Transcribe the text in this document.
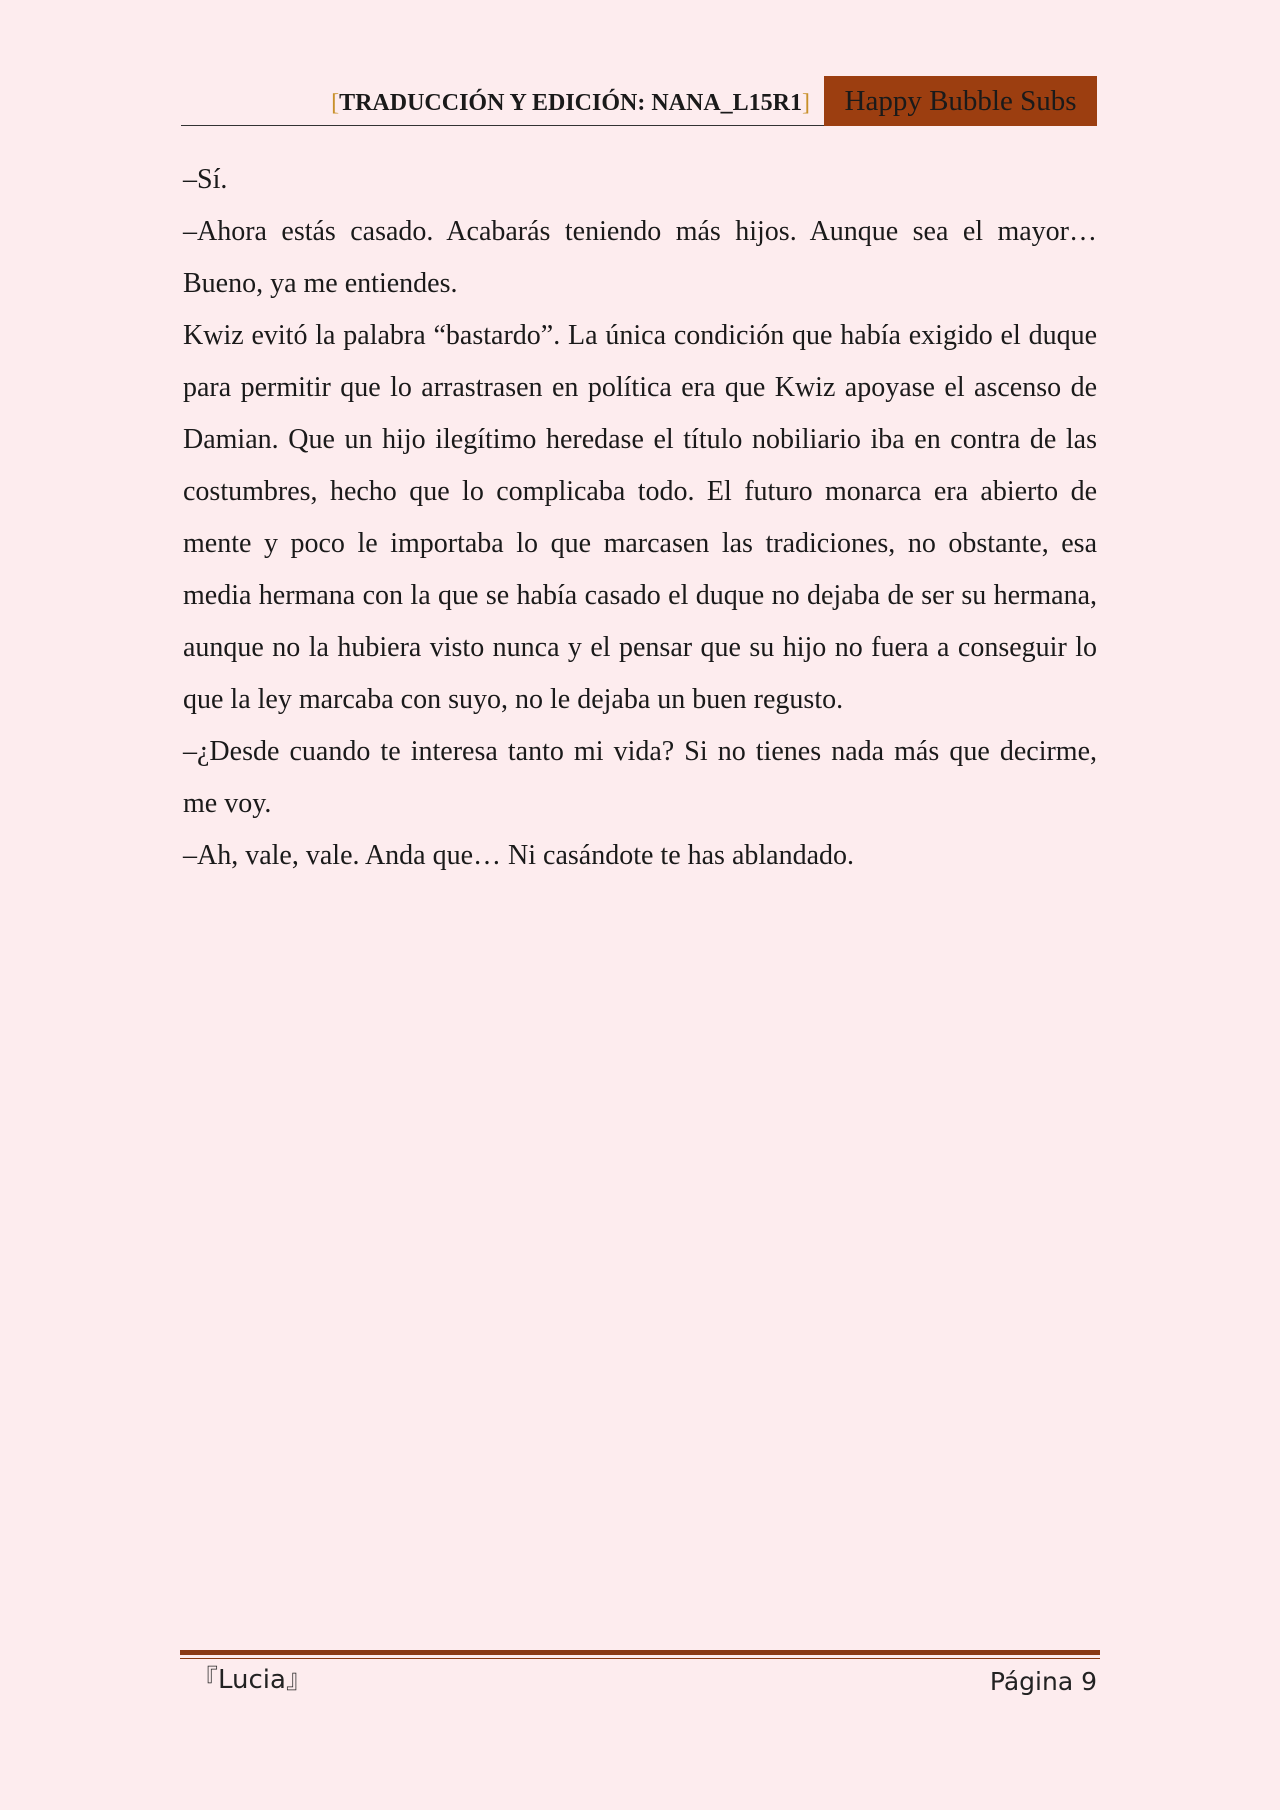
[TRADUCCIÓN Y EDICIÓN: NANA_L15R1]	Happy Bubble Subs

–Sí.

–Ahora estás casado. Acabarás teniendo más hijos. Aunque sea el mayor… Bueno, ya me entiendes.

Kwiz evitó la palabra “bastardo”. La única condición que había exigido el duque para permitir que lo arrastrasen en política era que Kwiz apoyase el ascenso de Damian. Que un hijo ilegítimo heredase el título nobiliario iba en contra de las costumbres, hecho que lo complicaba todo. El futuro monarca era abierto de mente y poco le importaba lo que marcasen las tradiciones, no obstante, esa media hermana con la que se había casado el duque no dejaba de ser su hermana, aunque no la hubiera visto nunca y el pensar que su hijo no fuera a conseguir lo que la ley marcaba con suyo, no le dejaba un buen regusto.

–¿Desde cuando te interesa tanto mi vida? Si no tienes nada más que decirme, me voy.

–Ah, vale, vale. Anda que… Ni casándote te has ablandado.

『Lucia』	Página 9
